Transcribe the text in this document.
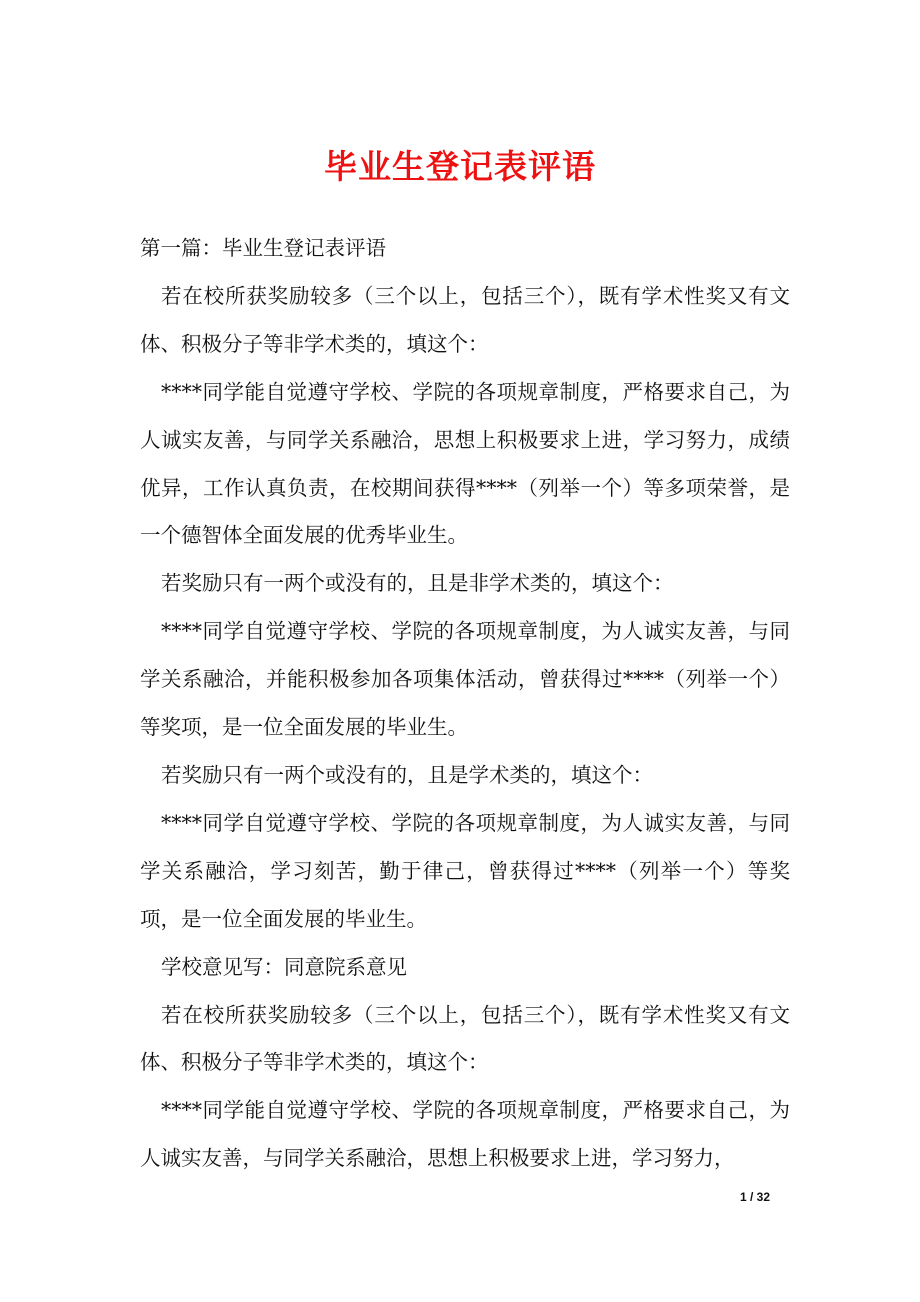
毕业生登记表评语

第一篇：毕业生登记表评语

若在校所获奖励较多（三个以上，包括三个），既有学术性奖又有文体、积极分子等非学术类的，填这个：

****同学能自觉遵守学校、学院的各项规章制度，严格要求自己，为人诚实友善，与同学关系融洽，思想上积极要求上进，学习努力，成绩优异，工作认真负责，在校期间获得****（列举一个）等多项荣誉，是一个德智体全面发展的优秀毕业生。

若奖励只有一两个或没有的，且是非学术类的，填这个：

****同学自觉遵守学校、学院的各项规章制度，为人诚实友善，与同学关系融洽，并能积极参加各项集体活动，曾获得过****（列举一个）等奖项，是一位全面发展的毕业生。

若奖励只有一两个或没有的，且是学术类的，填这个：

****同学自觉遵守学校、学院的各项规章制度，为人诚实友善，与同学关系融洽，学习刻苦，勤于律己，曾获得过****（列举一个）等奖项，是一位全面发展的毕业生。

学校意见写：同意院系意见

若在校所获奖励较多（三个以上，包括三个），既有学术性奖又有文体、积极分子等非学术类的，填这个：

****同学能自觉遵守学校、学院的各项规章制度，严格要求自己，为人诚实友善，与同学关系融洽，思想上积极要求上进，学习努力，

1 / 32
